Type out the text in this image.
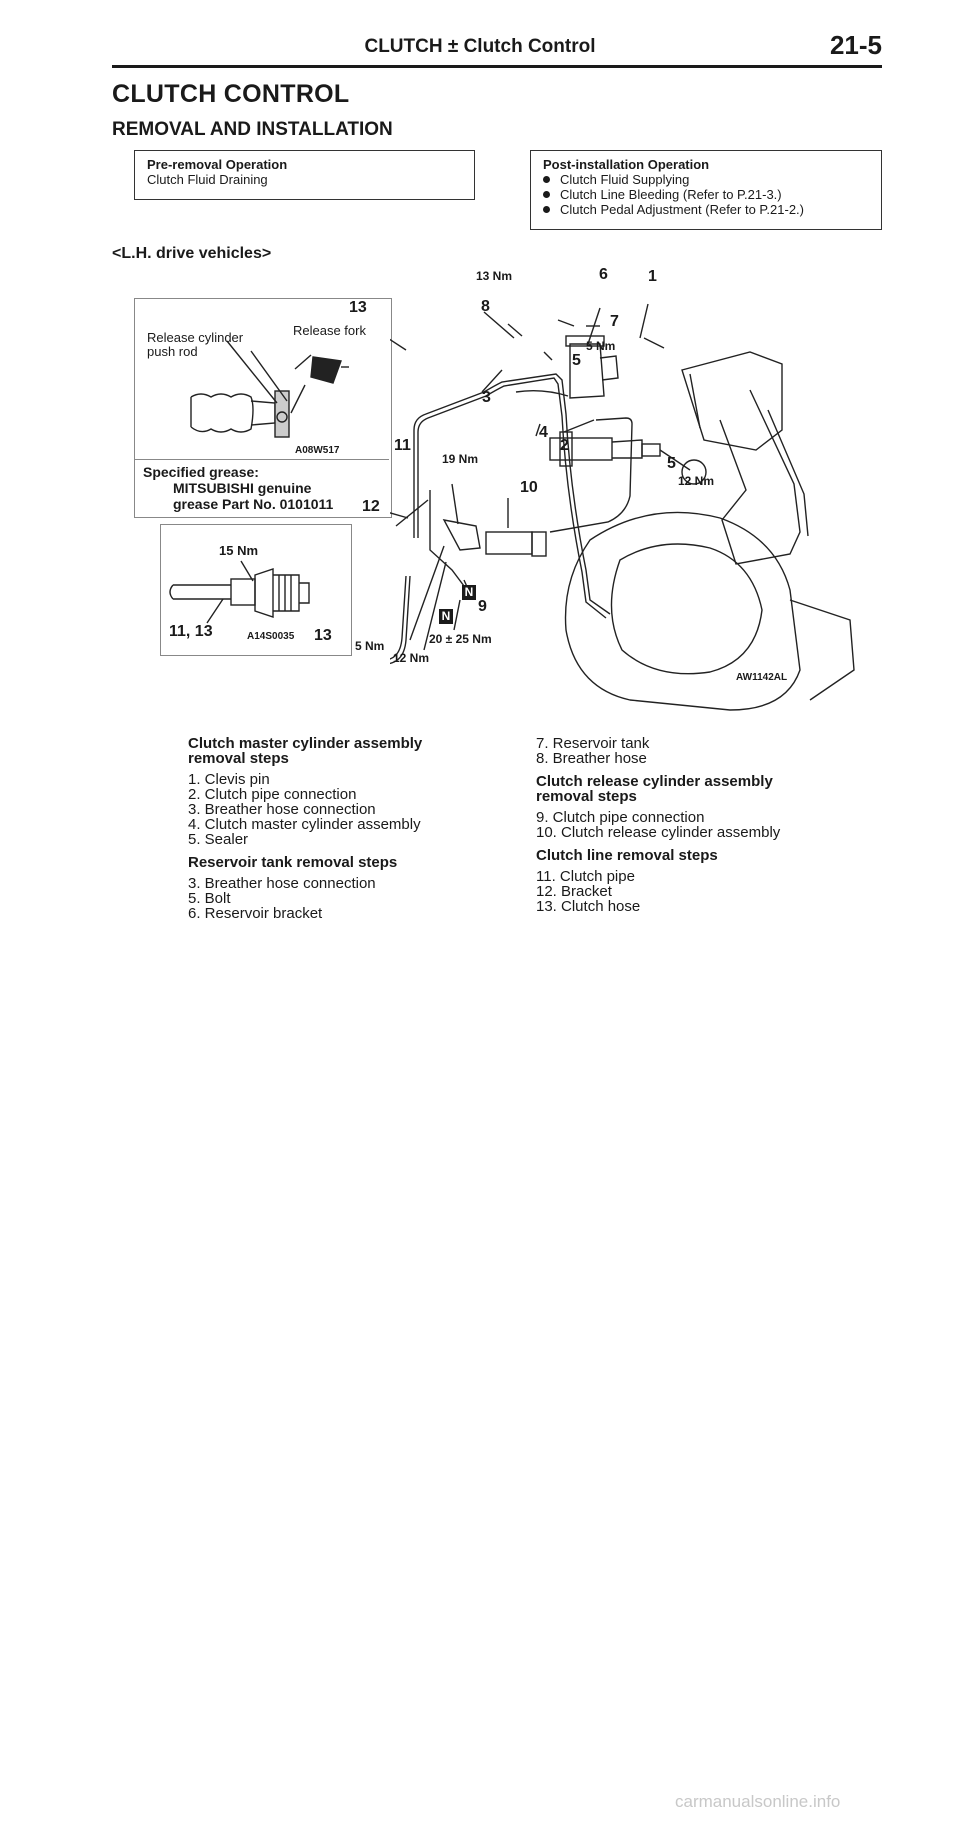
CLUTCH ± Clutch Control	21-5
CLUTCH CONTROL
REMOVAL AND INSTALLATION
Pre-removal Operation
Clutch Fluid Draining
Post-installation Operation
Clutch Fluid Supplying
Clutch Line Bleeding (Refer to P.21-3.)
Clutch Pedal Adjustment (Refer to P.21-2.)
<L.H. drive vehicles>
Release cylinder push rod
Release fork
A08W517
Specified grease:
MITSUBISHI genuine
grease Part No. 0101011
15 Nm
11, 13	A14S0035
13	8
6	1
7
5
3
4
2
5
11
10
12
9
13
13 Nm
5 Nm
19 Nm
12 Nm
5 Nm
12 Nm
20 ± 25 Nm
N
N
AW1142AL
Clutch master cylinder assembly removal steps
1. Clevis pin
2. Clutch pipe connection
3. Breather hose connection
4. Clutch master cylinder assembly
5. Sealer
Reservoir tank removal steps
3. Breather hose connection
5. Bolt
6. Reservoir bracket
7. Reservoir tank
8. Breather hose
Clutch release cylinder assembly removal steps
9. Clutch pipe connection
10. Clutch release cylinder assembly
Clutch line removal steps
11. Clutch pipe
12. Bracket
13. Clutch hose
carmanualsonline.info
